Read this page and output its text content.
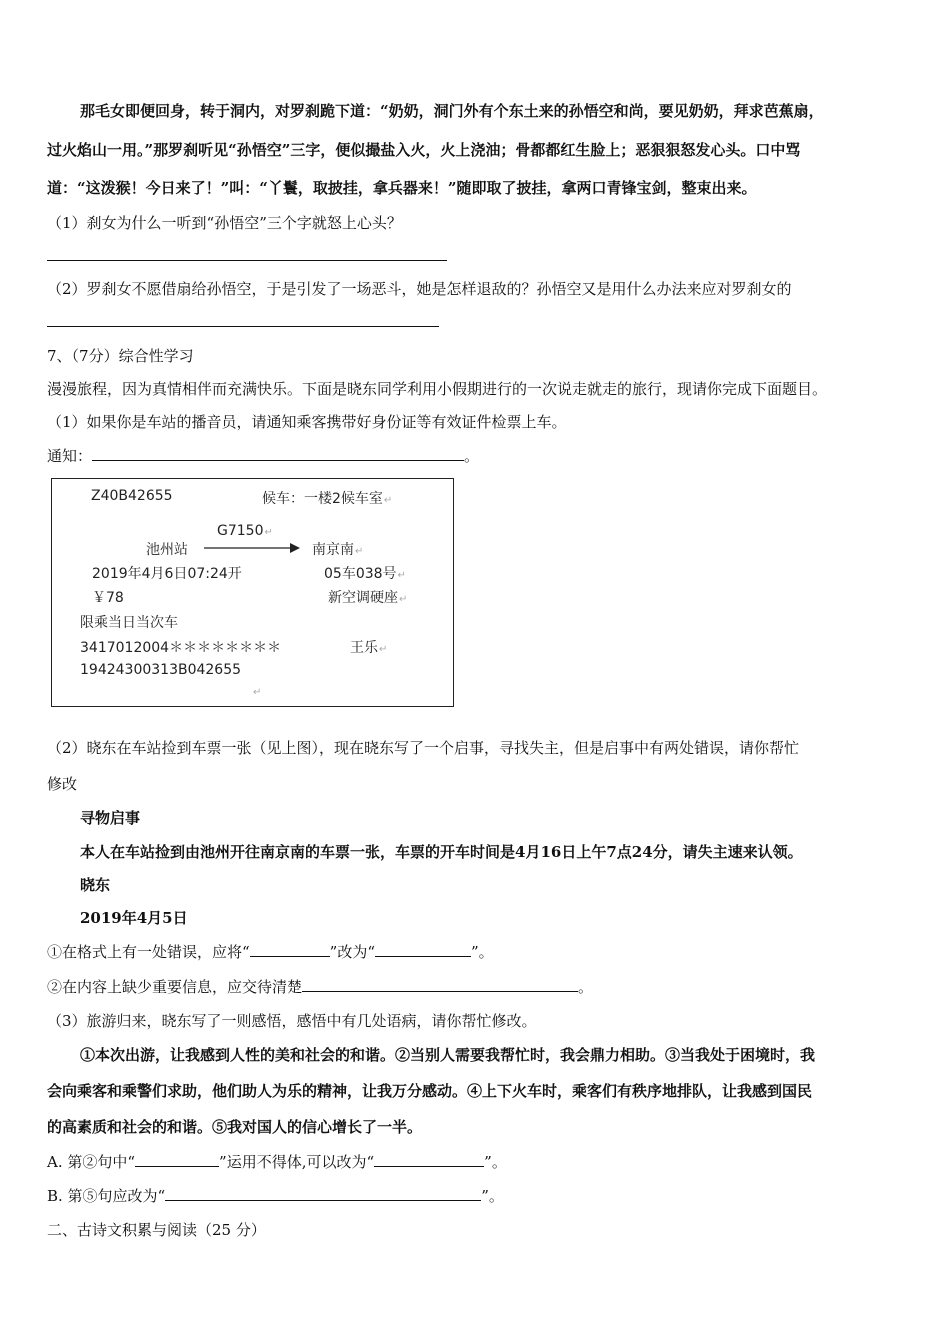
那毛女即便回身，转于洞内，对罗刹跪下道：“奶奶，洞门外有个东土来的孙悟空和尚，要见奶奶，拜求芭蕉扇，
过火焰山一用。”那罗刹听见“孙悟空”三字，便似撮盐入火，火上浇油；骨都都红生脸上；恶狠狠怒发心头。口中骂
道：“这泼猴！今日来了！”叫：“丫鬟，取披挂，拿兵器来！”随即取了披挂，拿两口青锋宝剑，整束出来。
（1）刹女为什么一听到“孙悟空”三个字就怒上心头？
（2）罗刹女不愿借扇给孙悟空，于是引发了一场恶斗，她是怎样退敌的？孙悟空又是用什么办法来应对罗刹女的
7、（7分）综合性学习
漫漫旅程，因为真情相伴而充满快乐。下面是晓东同学利用小假期进行的一次说走就走的旅行，现请你完成下面题目。
（1）如果你是车站的播音员，请通知乘客携带好身份证等有效证件检票上车。
通知：	。
Z40B42655	候车：一楼2候车室↵
G7150↵
池州站	南京南↵
2019年4月6日07:24开	05车038号↵
￥78	新空调硬座↵
限乘当日当次车
3417012004＊＊＊＊＊＊＊＊	王乐↵
19424300313B042655
↵
（2）晓东在车站捡到车票一张（见上图），现在晓东写了一个启事，寻找失主，但是启事中有两处错误，请你帮忙
修改
寻物启事
本人在车站捡到由池州开往南京南的车票一张，车票的开车时间是4月16日上午7点24分，请失主速来认领。
晓东
2019年4月5日
①在格式上有一处错误，应将“	”改为“	”。
②在内容上缺少重要信息，应交待清楚	。
（3）旅游归来，晓东写了一则感悟，感悟中有几处语病，请你帮忙修改。
①本次出游，让我感到人性的美和社会的和谐。②当别人需要我帮忙时，我会鼎力相助。③当我处于困境时，我
会向乘客和乘警们求助，他们助人为乐的精神，让我万分感动。④上下火车时，乘客们有秩序地排队，让我感到国民
的高素质和社会的和谐。⑤我对国人的信心增长了一半。
A. 第②句中“	”运用不得体,可以改为“	”。
B. 第⑤句应改为“	”。
二、古诗文积累与阅读（25 分）
